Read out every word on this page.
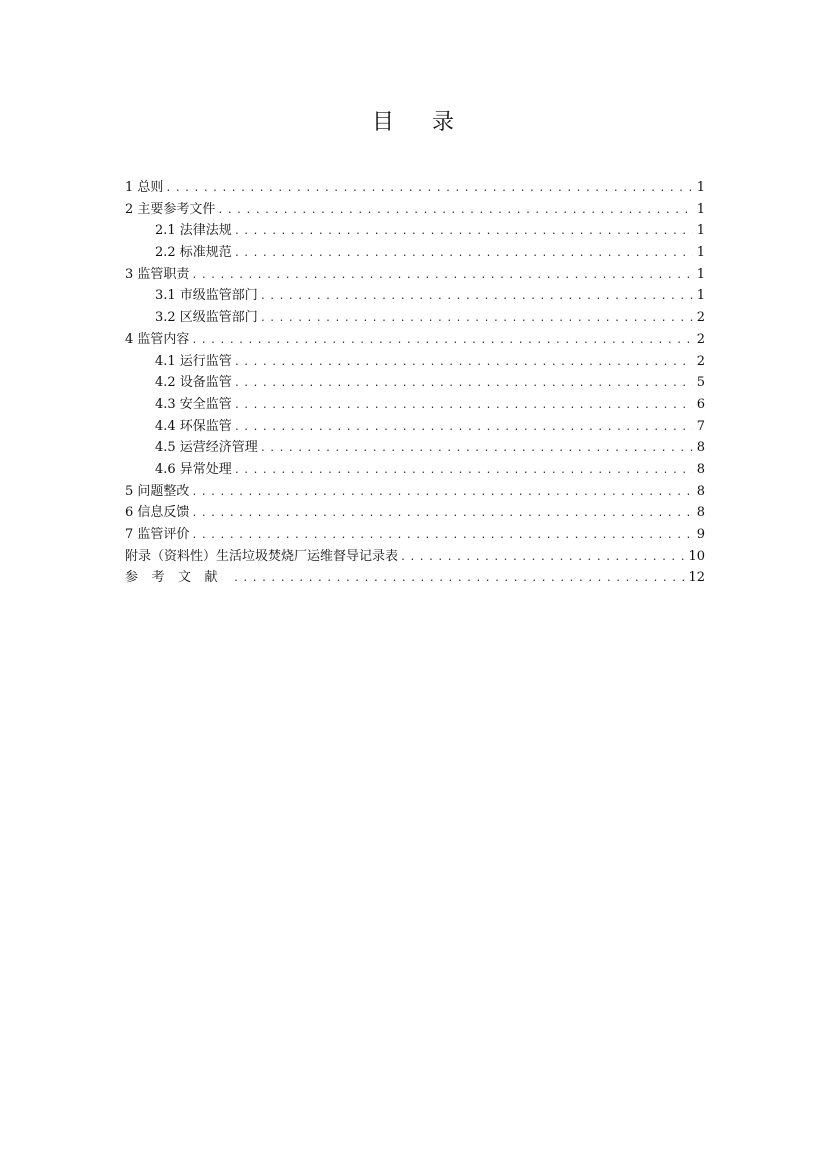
目录
1 总则 .....	1
2 主要参考文件 .....	1
2.1 法律法规 .....	1
2.2 标准规范 .....	1
3 监管职责 .....	1
3.1 市级监管部门 .....	1
3.2 区级监管部门 .....	2
4 监管内容 .....	2
4.1 运行监管 .....	2
4.2 设备监管 .....	5
4.3 安全监管 .....	6
4.4 环保监管 .....	7
4.5 运营经济管理 .....	8
4.6 异常处理 .....	8
5 问题整改 .....	8
6 信息反馈 .....	8
7 监管评价 .....	9
附录（资料性）生活垃圾焚烧厂运维督导记录表 .....	10
参考文献 .....	12
